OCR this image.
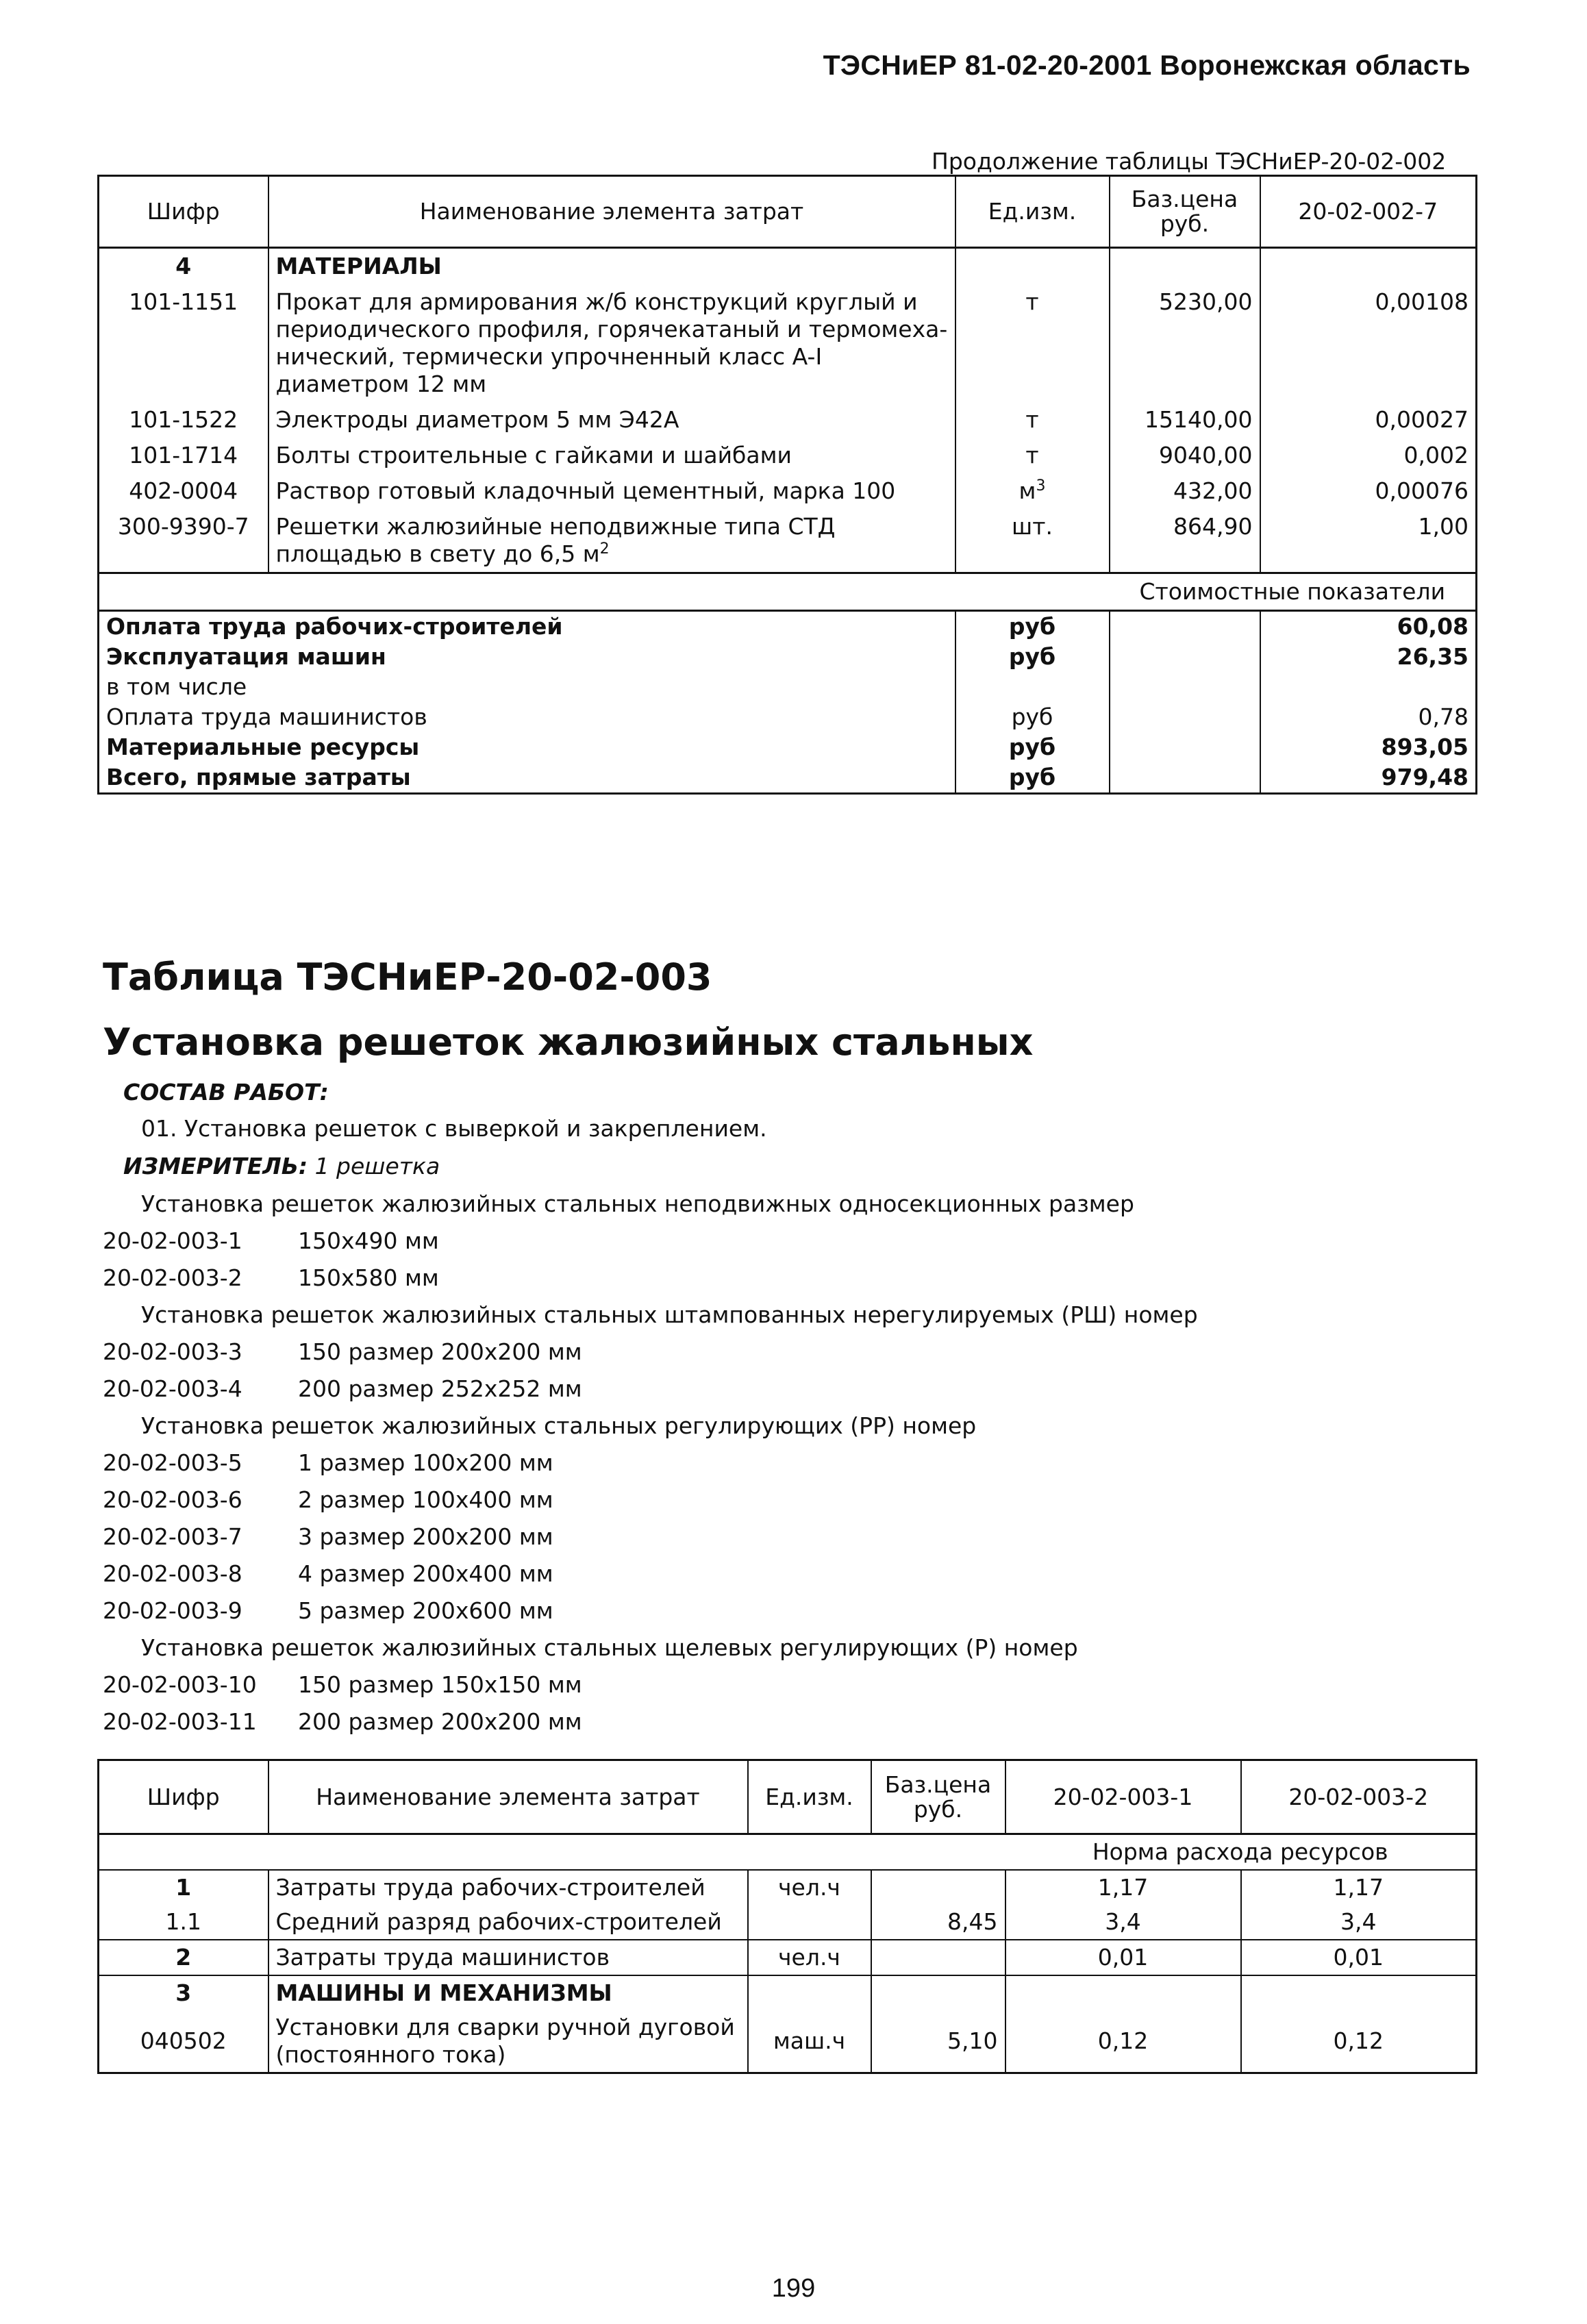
ТЭСНиЕР 81-02-20-2001 Воронежская область
Продолжение таблицы ТЭСНиЕР-20-02-002
Шифр	Наименование элемента затрат	Ед.изм.	Баз.цена руб.	20-02-002-7
4	МАТЕРИАЛЫ			
101-1151	Прокат для армирования ж/б конструкций круглый и периодического профиля, горячекатаный и термомеха-нический, термически упрочненный класс A-I диаметром 12 мм	т	5230,00	0,00108
101-1522	Электроды диаметром 5 мм Э42А	т	15140,00	0,00027
101-1714	Болты строительные с гайками и шайбами	т	9040,00	0,002
402-0004	Раствор готовый кладочный цементный, марка 100	$м^3$	432,00	0,00076
300-9390-7	Решетки жалюзийные неподвижные типа СТД площадью в свету до 6,5 $м^2$	шт.	864,90	1,00
			Стоимостные показатели	
Оплата труда рабочих-строителей		руб		60,08
Эксплуатация машин		руб		26,35
в том числе				
Оплата труда машинистов		руб		0,78
Материальные ресурсы		руб		893,05
Всего, прямые затраты		руб		979,48
Таблица ТЭСНиЕР-20-02-003
Установка решеток жалюзийных стальных
СОСТАВ РАБОТ:
01. Установка решеток с выверкой и закреплением.
ИЗМЕРИТЕЛЬ: 1 решетка
Установка решеток жалюзийных стальных неподвижных односекционных размер
20-02-003-1 150x490 мм
20-02-003-2 150x580 мм
Установка решеток жалюзийных стальных штампованных нерегулируемых (РШ) номер
20-02-003-3 150 размер 200x200 мм
20-02-003-4 200 размер 252x252 мм
Установка решеток жалюзийных стальных регулирующих (РР) номер
20-02-003-5 1 размер 100x200 мм
20-02-003-6 2 размер 100x400 мм
20-02-003-7 3 размер 200x200 мм
20-02-003-8 4 размер 200x400 мм
20-02-003-9 5 размер 200x600 мм
Установка решеток жалюзийных стальных щелевых регулирующих (Р) номер
20-02-003-10 150 размер 150x150 мм
20-02-003-11 200 размер 200x200 мм
Шифр	Наименование элемента затрат	Ед.изм.	Баз.цена руб.	20-02-003-1	20-02-003-2
				Норма расхода ресурсов	
1	Затраты труда рабочих-строителей	чел.ч		1,17	1,17
1.1	Средний разряд рабочих-строителей		8,45	3,4	3,4
2	Затраты труда машинистов	чел.ч		0,01	0,01
3	МАШИНЫ И МЕХАНИЗМЫ				
040502	Установки для сварки ручной дуговой (постоянного тока)	маш.ч	5,10	0,12	0,12
199
